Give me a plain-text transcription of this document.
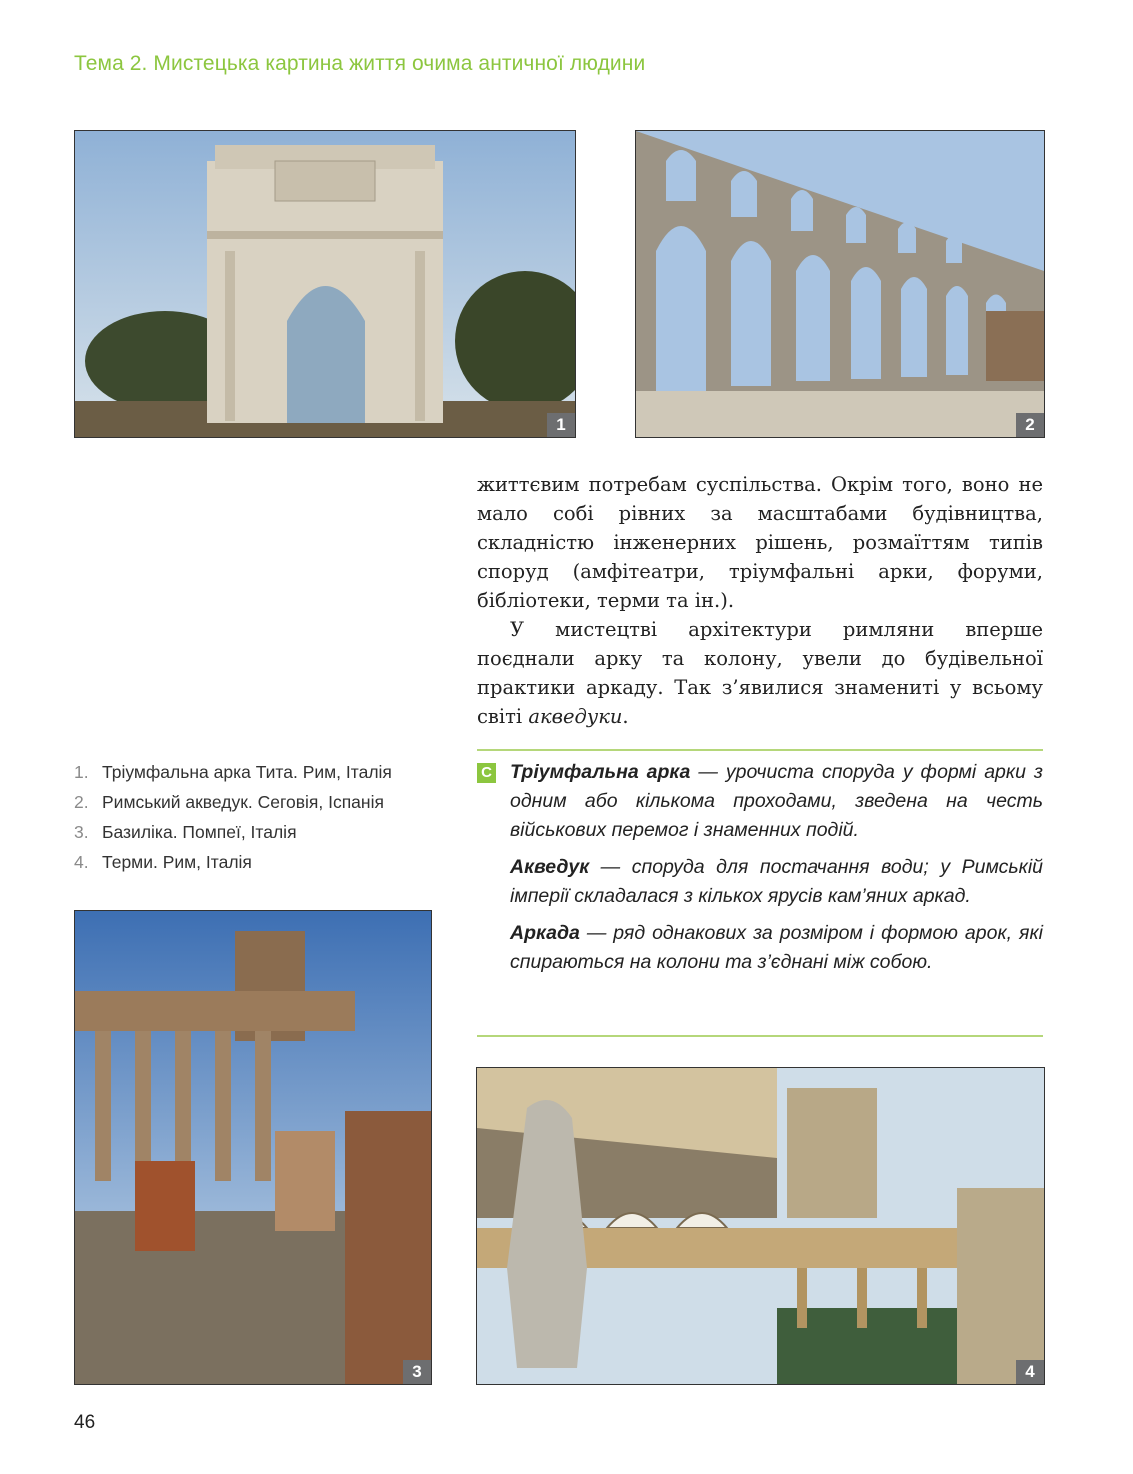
Тема 2. Мистецька картина життя очима античної людини
1	2

життєвим потребам суспільства. Окрім того, воно не мало собі рівних за масштабами будівництва, складністю інженерних рішень, розмаїттям типів споруд (амфітеатри, тріумфальні арки, форуми, бібліотеки, терми та ін.).

У мистецтві архітектури римляни вперше поєднали арку та колону, увели до будівельної практики аркаду. Так з’явилися знамениті у всьому світі акведуки.

1. Тріумфальна арка Тита. Рим, Італія
2. Римський акведук. Сеговія, Іспанія
3. Базиліка. Помпеї, Італія
4. Терми. Рим, Італія
С Тріумфальна арка — урочиста споруда у формі арки з одним або кількома проходами, зведена на честь військових перемог і знаменних подій.
Акведук — споруда для постачання води; у Римській імперії складалася з кількох ярусів кам’яних аркад.
Аркада — ряд однакових за розміром і формою арок, які спираються на колони та з’єднані між собою.
3	4
46
